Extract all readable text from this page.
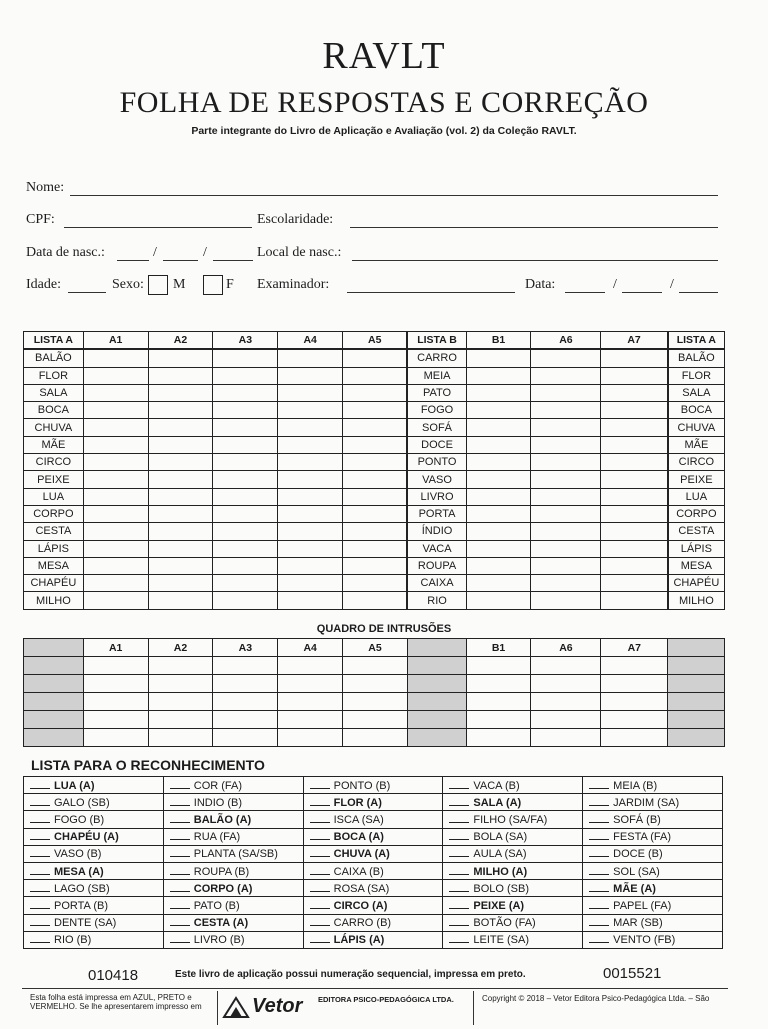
RAVLT
FOLHA DE RESPOSTAS E CORREÇÃO
Parte integrante do Livro de Aplicação e Avaliação (vol. 2) da Coleção RAVLT.
Nome:
CPF:	Escolaridade:
Data de nasc.:	/	/	Local de nasc.:
Idade:	Sexo: M	F Examinador:	Data:	/	/
LISTA A	A1	A2	A3	A4	A5	LISTA B	B1	A6	A7	LISTA A
BALÃO						CARRO				BALÃO
FLOR						MEIA				FLOR
SALA						PATO				SALA
BOCA						FOGO				BOCA
CHUVA						SOFÁ				CHUVA
MÃE						DOCE				MÃE
CIRCO						PONTO				CIRCO
PEIXE						VASO				PEIXE
LUA						LIVRO				LUA
CORPO						PORTA				CORPO
CESTA						ÍNDIO				CESTA
LÁPIS						VACA				LÁPIS
MESA						ROUPA				MESA
CHAPÉU						CAIXA				CHAPÉU
MILHO						RIO				MILHO
QUADRO DE INTRUSÕES
	A1	A2	A3	A4	A5		B1	A6	A7	

LISTA PARA O RECONHECIMENTO
LUA (A)	COR (FA)	PONTO (B)	VACA (B)	MEIA (B)
GALO (SB)	INDIO (B)	FLOR (A)	SALA (A)	JARDIM (SA)
FOGO (B)	BALÃO (A)	ISCA (SA)	FILHO (SA/FA)	SOFÁ (B)
CHAPÉU (A)	RUA (FA)	BOCA (A)	BOLA (SA)	FESTA (FA)
VASO (B)	PLANTA (SA/SB)	CHUVA (A)	AULA (SA)	DOCE (B)
MESA (A)	ROUPA (B)	CAIXA (B)	MILHO (A)	SOL (SA)
LAGO (SB)	CORPO (A)	ROSA (SA)	BOLO (SB)	MÃE (A)
PORTA (B)	PATO (B)	CIRCO (A)	PEIXE (A)	PAPEL (FA)
DENTE (SA)	CESTA (A)	CARRO (B)	BOTÃO (FA)	MAR (SB)
RIO (B)	LIVRO (B)	LÁPIS (A)	LEITE (SA)	VENTO (FB)
010418	Este livro de aplicação possui numeração sequencial, impressa em preto.	0015521
Esta folha está impressa em AZUL, PRETO e VERMELHO. Se lhe apresentarem impresso em	Vetor EDITORA PSICO-PEDAGÓGICA LTDA.	Copyright © 2018 – Vetor Editora Psico-Pedagógica Ltda. – São
